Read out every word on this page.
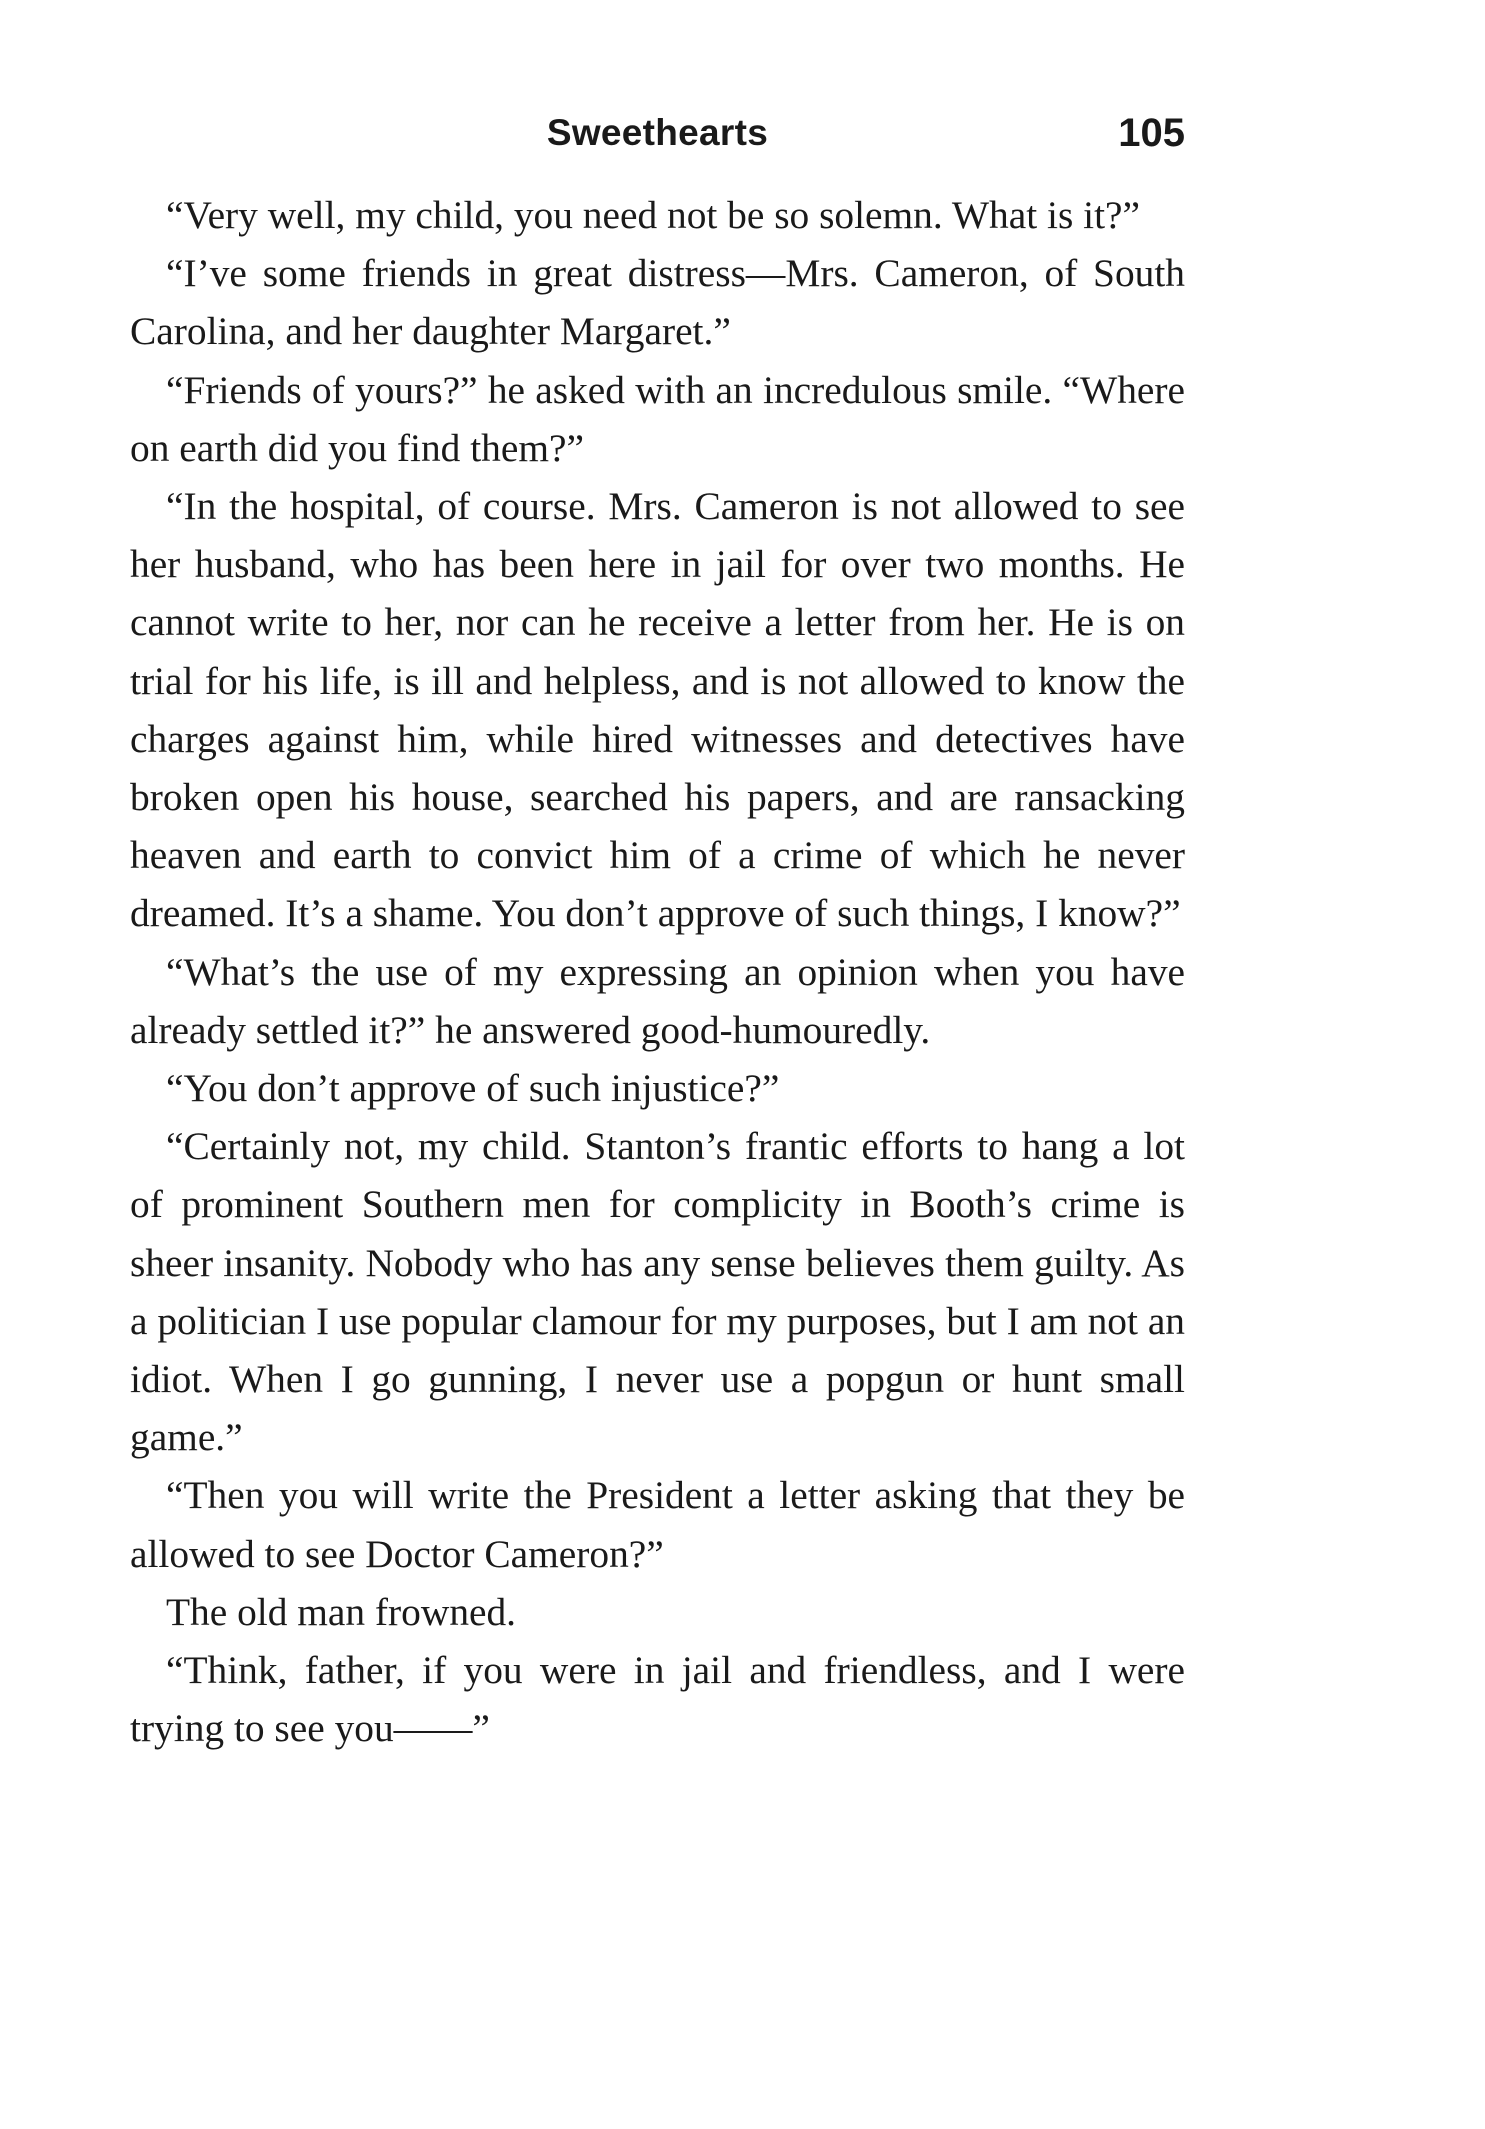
Sweethearts	105

“Very well, my child, you need not be so solemn. What is it?”

“I’ve some friends in great distress—Mrs. Cameron, of South Carolina, and her daughter Margaret.”

“Friends of yours?” he asked with an incredulous smile. “Where on earth did you find them?”

“In the hospital, of course. Mrs. Cameron is not allowed to see her husband, who has been here in jail for over two months. He cannot write to her, nor can he receive a letter from her. He is on trial for his life, is ill and helpless, and is not allowed to know the charges against him, while hired witnesses and detectives have broken open his house, searched his papers, and are ransacking heaven and earth to convict him of a crime of which he never dreamed. It’s a shame. You don’t approve of such things, I know?”

“What’s the use of my expressing an opinion when you have already settled it?” he answered good-humouredly.

“You don’t approve of such injustice?”

“Certainly not, my child. Stanton’s frantic efforts to hang a lot of prominent Southern men for complicity in Booth’s crime is sheer insanity. Nobody who has any sense believes them guilty. As a politician I use popular clamour for my purposes, but I am not an idiot. When I go gunning, I never use a popgun or hunt small game.”

“Then you will write the President a letter asking that they be allowed to see Doctor Cameron?”

The old man frowned.

“Think, father, if you were in jail and friendless, and I were trying to see you——”
